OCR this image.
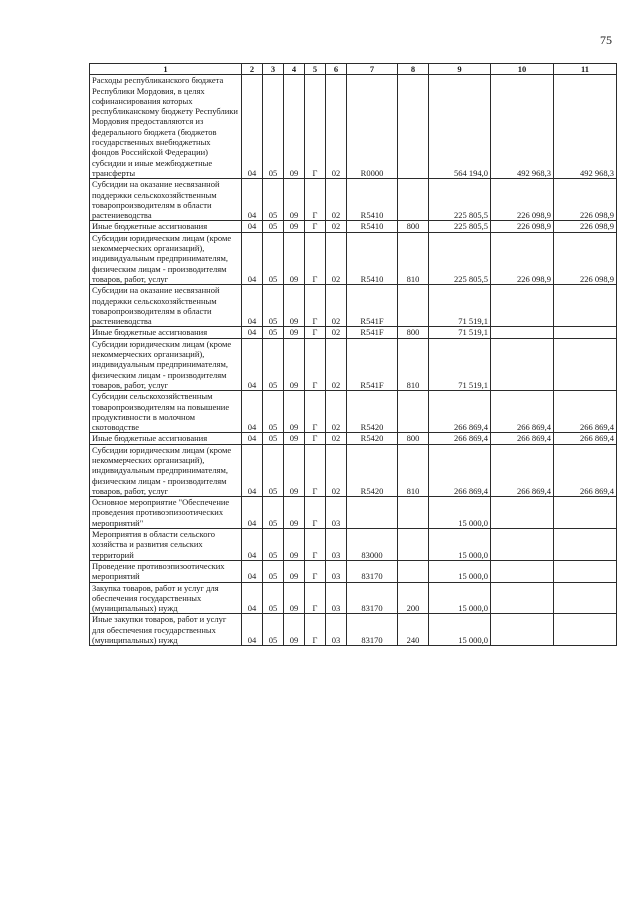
75
1	2	3	4	5	6	7	8	9	10	11
Расходы республиканского бюджета Республики Мордовия, в целях софинансирования которых республиканскому бюджету Республики Мордовия предоставляются из федерального бюджета (бюджетов государственных внебюджетных фондов Российской Федерации) субсидии и иные межбюджетные трансферты	04	05	09	Г	02	R0000		564 194,0	492 968,3	492 968,3
Субсидии на оказание несвязанной поддержки сельскохозяйственным товаропроизводителям в области растениеводства	04	05	09	Г	02	R5410		225 805,5	226 098,9	226 098,9
Иные бюджетные ассигнования	04	05	09	Г	02	R5410	800	225 805,5	226 098,9	226 098,9
Субсидии юридическим лицам (кроме некоммерческих организаций), индивидуальным предпринимателям, физическим лицам - производителям товаров, работ, услуг	04	05	09	Г	02	R5410	810	225 805,5	226 098,9	226 098,9
Субсидии на оказание несвязанной поддержки сельскохозяйственным товаропроизводителям в области растениеводства	04	05	09	Г	02	R541F		71 519,1		
Иные бюджетные ассигнования	04	05	09	Г	02	R541F	800	71 519,1		
Субсидии юридическим лицам (кроме некоммерческих организаций), индивидуальным предпринимателям, физическим лицам - производителям товаров, работ, услуг	04	05	09	Г	02	R541F	810	71 519,1		
Субсидии сельскохозяйственным товаропроизводителям на повышение продуктивности в молочном скотоводстве	04	05	09	Г	02	R5420		266 869,4	266 869,4	266 869,4
Иные бюджетные ассигнования	04	05	09	Г	02	R5420	800	266 869,4	266 869,4	266 869,4
Субсидии юридическим лицам (кроме некоммерческих организаций), индивидуальным предпринимателям, физическим лицам - производителям товаров, работ, услуг	04	05	09	Г	02	R5420	810	266 869,4	266 869,4	266 869,4
Основное мероприятие "Обеспечение проведения противоэпизоотических мероприятий"	04	05	09	Г	03			15 000,0		
Мероприятия в области сельского хозяйства и развития сельских территорий	04	05	09	Г	03	83000		15 000,0		
Проведение противоэпизоотических мероприятий	04	05	09	Г	03	83170		15 000,0		
Закупка товаров, работ и услуг для обеспечения государственных (муниципальных) нужд	04	05	09	Г	03	83170	200	15 000,0		
Иные закупки товаров, работ и услуг для обеспечения государственных (муниципальных) нужд	04	05	09	Г	03	83170	240	15 000,0		
